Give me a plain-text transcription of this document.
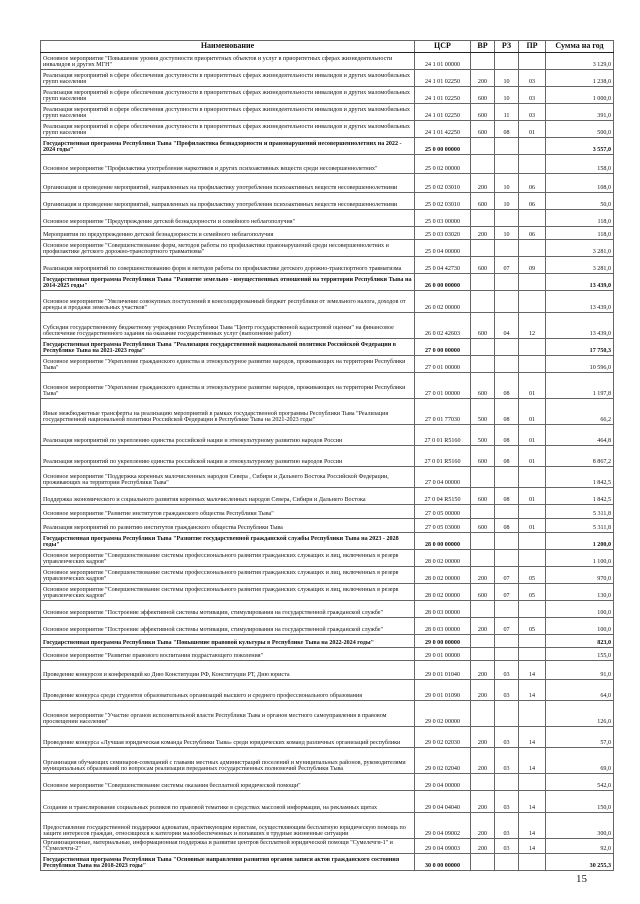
Наименование	ЦСР	ВР	РЗ	ПР	Сумма на год
Основное мероприятие "Повышение уровня доступности приоритетных объектов и услуг в приоритетных сферах жизнедеятельности инвалидов и других МГН"	24 1 01 00000				3 129,0
Реализация мероприятий в сфере обеспечения доступности в приоритетных сферах жизнедеятельности инвалидов и других маломобильных групп населения	24 1 01 02250	200	10	03	1 238,0
Реализация мероприятий в сфере обеспечения доступности в приоритетных сферах жизнедеятельности инвалидов и других маломобильных групп населения	24 1 01 02250	600	10	03	1 000,0
Реализация мероприятий в сфере обеспечения доступности в приоритетных сферах жизнедеятельности инвалидов и других маломобильных групп населения	24 1 01 02250	600	11	03	391,0
Реализация мероприятий в сфере обеспечения доступности в приоритетных сферах жизнедеятельности инвалидов и других маломобильных групп населения	24 1 01 42250	600	08	01	500,0
Государственная программа Республики Тыва "Профилактика безнадзорности и правонарушений несовершеннолетних на 2022 - 2024 годы"	25 0 00 00000				3 557,0
Основное мероприятие "Профилактика употребления наркотиков и других психоактивных веществ среди несовершеннолетних"	25 0 02 00000				158,0
Организация и проведение мероприятий, направленных на профилактику употребления психоактивных веществ несовершеннолетними	25 0 02 03010	200	10	06	108,0
Организация и проведение мероприятий, направленных на профилактику употребления психоактивных веществ несовершеннолетними	25 0 02 03010	600	10	06	50,0
Основное мероприятие "Предупреждение детской безнадзорности и семейного неблагополучия"	25 0 03 00000				118,0
Мероприятия по предупреждению детской безнадзорности и семейного неблагополучия	25 0 03 03020	200	10	06	118,0
Основное мероприятие "Совершенствование форм, методов работы по профилактике правонарушений среди несовершеннолетних и профилактике детского дорожно-транспортного травматизма"	25 0 04 00000				3 281,0
Реализация мероприятий по совершенствованию форм и методов работы по профилактике детского дорожно-транспортного травматизма	25 0 04 42730	600	07	09	3 281,0
Государственная программа Республики Тыва "Развитие земельно - имущественных отношений на территории Республики Тыва на 2014-2025 годы"	26 0 00 00000				13 439,0
Основное мероприятие "Увеличение совокупных поступлений в консолидированный бюджет республики от земельного налога, доходов от аренды и продажи земельных участков"	26 0 02 00000				13 439,0
Субсидии государственному бюджетному учреждению Республики Тыва "Центр государственной кадастровой оценки" на финансовое обеспечение государственного задания на оказание государственных услуг (выполнение работ)	26 0 02 42603	600	04	12	13 439,0
Государственная программа Республики Тыва "Реализация государственной национальной политики Российской Федерации в Республике Тыва на 2021-2023 годы"	27 0 00 00000				17 750,3
Основное мероприятие "Укрепление гражданского единства и этнокультурное развитие народов, проживающих на территории Республики Тыва"	27 0 01 00000				10 596,0
Основное мероприятие "Укрепление гражданского единства и этнокультурное развитие народов, проживающих на территории Республики Тыва"	27 0 01 00000	600	08	01	1 197,8
Иные межбюджетные трансферты на реализацию мероприятий в рамках государственной программы Республики Тыва "Реализация государственной национальной политики Российской Федерации в Республике Тыва на 2021-2023 годы"	27 0 01 77030	500	08	01	66,2
Реализация мероприятий по укреплению единства российской нации и этнокультурному развитию народов России	27 0 01 R5160	500	08	01	464,8
Реализация мероприятий по укреплению единства российской нации и этнокультурному развитию народов России	27 0 01 R5160	600	08	01	8 867,2
Основное мероприятие "Поддержка коренных малочисленных народов Севера , Сибири и Дальнего Востока Российской Федерации, проживающих на территории Республики Тыва"	27 0 04 00000				1 842,5
Поддержка экономического и социального развития коренных малочисленных народов Севера, Сибири и Дальнего Востока	27 0 04 R5150	600	08	01	1 842,5
Основное мероприятие "Развитие институтов гражданского общества Республики Тыва"	27 0 05 00000				5 311,8
Реализация мероприятий по развитию институтов гражданского общества Республики Тыва	27 0 05 03000	600	08	01	5 311,8
Государственная программа Республики Тыва "Развитие государственной гражданской службы Республики Тыва на 2023 - 2028 годы"	28 0 00 00000				1 200,0
Основное мероприятие "Совершенствование системы профессионального развития гражданских служащих и лиц, включенных в резерв управленческих кадров"	28 0 02 00000				1 100,0
Основное мероприятие "Совершенствование системы профессионального развития гражданских служащих и лиц, включенных в резерв управленческих кадров"	28 0 02 00000	200	07	05	970,0
Основное мероприятие "Совершенствование системы профессионального развития гражданских служащих и лиц, включенных в резерв управленческих кадров"	28 0 02 00000	600	07	05	130,0
Основное мероприятие "Построение эффективной системы мотивации, стимулирования на государственной гражданской службе"	28 0 03 00000				100,0
Основное мероприятие "Построение эффективной системы мотивации, стимулирования на государственной гражданской службе"	28 0 03 00000	200	07	05	100,0
Государственная программа Республики Тыва "Повышение правовой культуры в Республике Тыва на 2022-2024 годы"	29 0 00 00000				823,0
Основное мероприятие "Развитие правового воспитания подрастающего поколения"	29 0 01 00000				155,0
Проведение конкурсов и конференций ко Дню Конституции РФ, Конституции РТ, Дню юриста	29 0 01 01040	200	03	14	91,0
Проведение конкурса среди студентов образовательных организаций высшего и среднего профессионального образования	29 0 01 01090	200	03	14	64,0
Основное мероприятие "Участие органов исполнительной власти Республики Тыва и органов местного самоуправления в правовом просвещении населения"	29 0 02 00000				126,0
Проведение конкурса «Лучшая юридическая команда Республики Тыва» среди юридических команд различных организаций республики	29 0 02 02030	200	03	14	57,0
Организация обучающих семинаров-совещаний с главами местных администраций поселений и муниципальных районов, руководителями муниципальных образований по вопросам реализации переданных государственных полномочий Республики Тыва	29 0 02 02040	200	03	14	69,0
Основное мероприятие "Совершенствование системы оказания бесплатной юридической помощи"	29 0 04 00000				542,0
Создание и транслирование социальных роликов по правовой тематике в средствах массовой информации, на рекламных щитах	29 0 04 04040	200	03	14	150,0
Предоставление государственной поддержки адвокатам, практикующим юристам, осуществляющим бесплатную юридическую помощь по защите интересов граждан, относящихся к категории малообеспеченных и попавших в трудные жизненные ситуации	29 0 04 09002	200	03	14	300,0
Организационные, материальные, информационная поддержка и развитие центров бесплатной юридической помощи "Сумелечги-1" и "Сумелечги-2"	29 0 04 09003	200	03	14	92,0
Государственная программа Республики Тыва "Основные направления развития органов записи актов гражданского состояния Республики Тыва на 2018-2023 годы"	30 0 00 00000				30 255,3
15
